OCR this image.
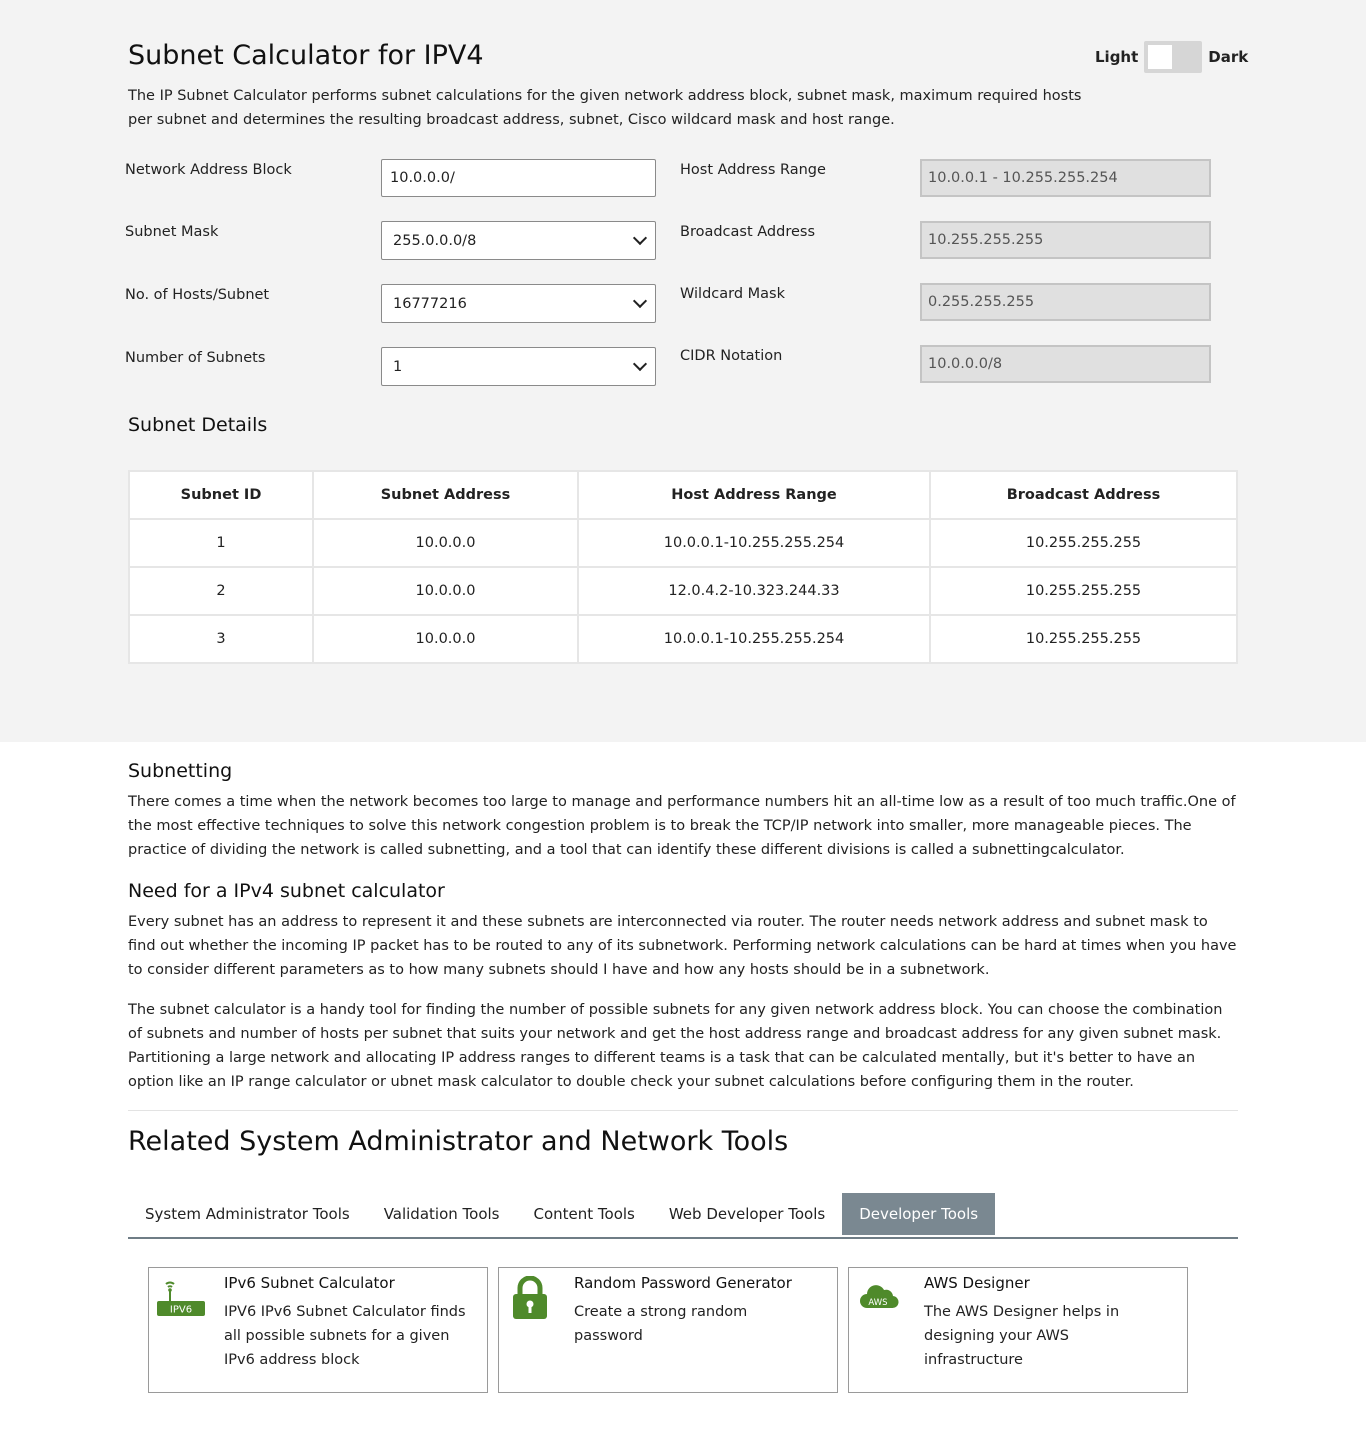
Subnet Calculator for IPV4

The IP Subnet Calculator performs subnet calculations for the given network address block, subnet mask, maximum required hosts per subnet and determines the resulting broadcast address, subnet, Cisco wildcard mask and host range.

Light	Dark
Network Address Block	10.0.0.0/
Subnet Mask
255.0.0.0/8
No. of Hosts/Subnet
16777216
Number of Subnets
1
Host Address Range	10.0.0.1 - 10.255.255.254
Broadcast Address	10.255.255.255
Wildcard Mask	0.255.255.255
CIDR Notation	10.0.0.0/8
Subnet Details
Subnet ID	Subnet Address	Host Address Range	Broadcast Address
1	10.0.0.0	10.0.0.1-10.255.255.254	10.255.255.255
2	10.0.0.0	12.0.4.2-10.323.244.33	10.255.255.255
3	10.0.0.0	10.0.0.1-10.255.255.254	10.255.255.255
Subnetting

There comes a time when the network becomes too large to manage and performance numbers hit an all-time low as a result of too much traffic.One of the most effective techniques to solve this network congestion problem is to break the TCP/IP network into smaller, more manageable pieces. The practice of dividing the network is called subnetting, and a tool that can identify these different divisions is called a subnettingcalculator.

Need for a IPv4 subnet calculator

Every subnet has an address to represent it and these subnets are interconnected via router. The router needs network address and subnet mask to find out whether the incoming IP packet has to be routed to any of its subnetwork. Performing network calculations can be hard at times when you have to consider different parameters as to how many subnets should I have and how any hosts should be in a subnetwork.

The subnet calculator is a handy tool for finding the number of possible subnets for any given network address block. You can choose the combination of subnets and number of hosts per subnet that suits your network and get the host address range and broadcast address for any given subnet mask. Partitioning a large network and allocating IP address ranges to different teams is a task that can be calculated mentally, but it's better to have an option like an IP range calculator or ubnet mask calculator to double check your subnet calculations before configuring them in the router.

Related System Administrator and Network Tools
System Administrator Tools	Validation Tools	Content Tools	Web Developer Tools	Developer Tools
IPV6
IPv6 Subnet Calculator
IPV6 IPv6 Subnet Calculator finds all possible subnets for a given IPv6 address block
Random Password Generator
Create a strong random password
AWS
AWS Designer
The AWS Designer helps in designing your AWS infrastructure
